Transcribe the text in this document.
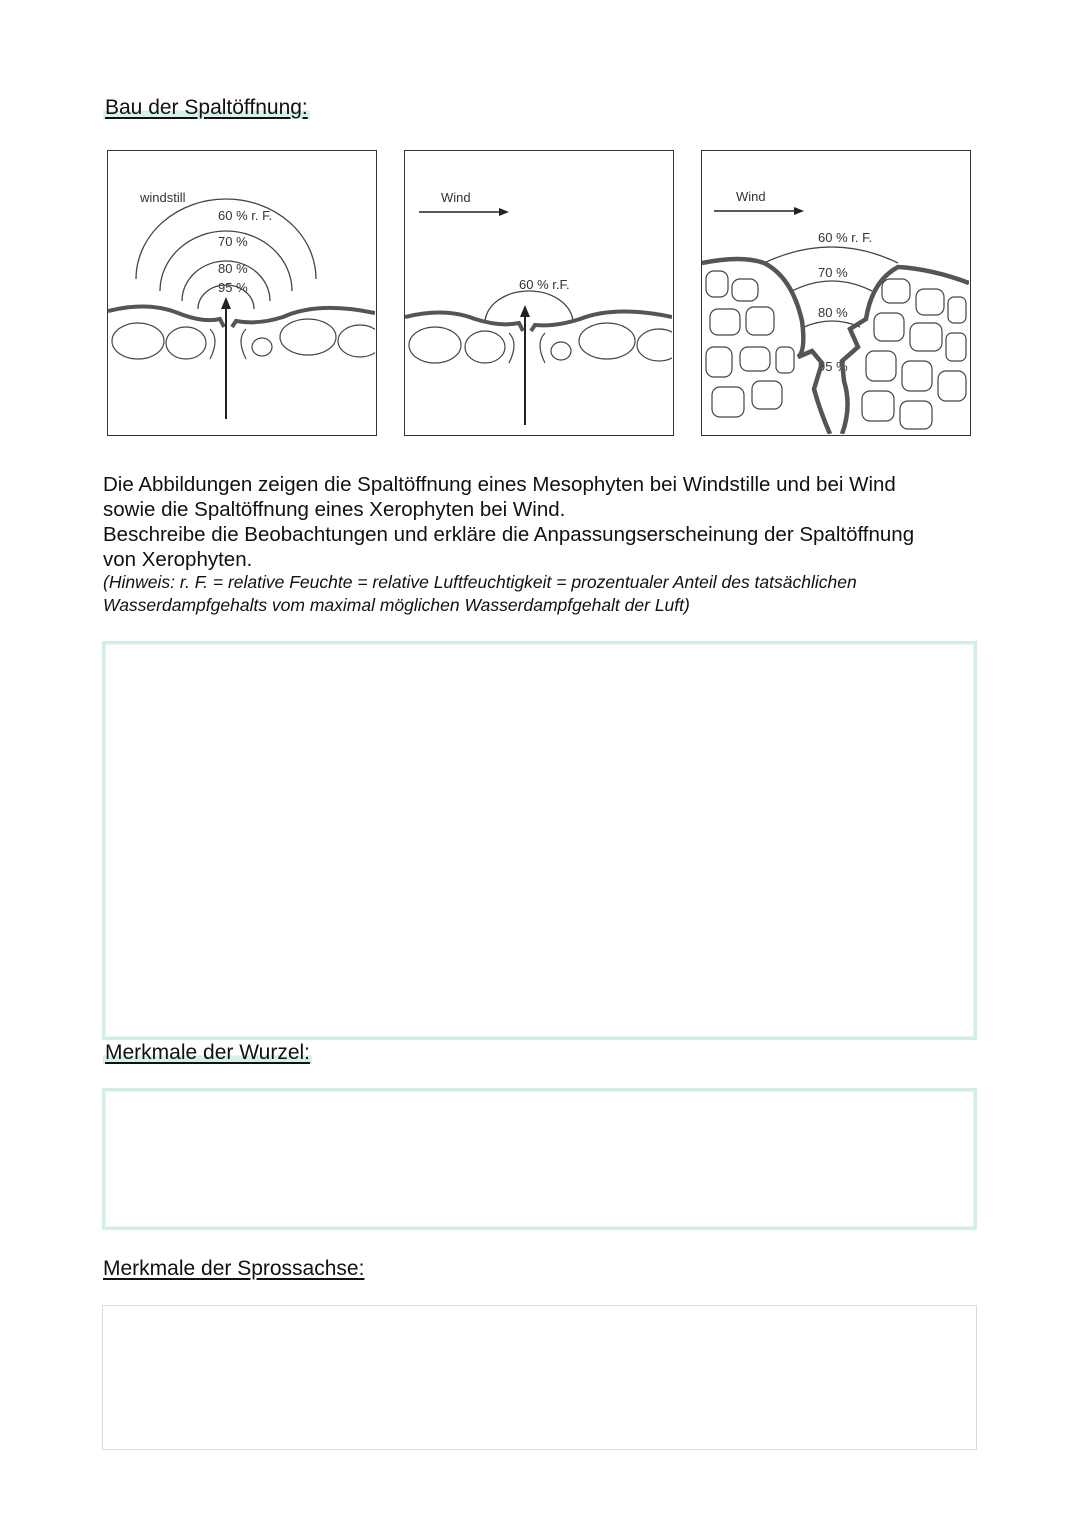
Bau der Spaltöffnung:
windstill
60 % r. F.
70 %
80 %
95 %
Wind
60 % r.F.
Wind
60 % r. F.
70 %
80 %
95 %
Die Abbildungen zeigen die Spaltöffnung eines Mesophyten bei Windstille und bei Wind
sowie die Spaltöffnung eines Xerophyten bei Wind.
Beschreibe die Beobachtungen und erkläre die Anpassungserscheinung der Spaltöffnung
von Xerophyten.
(Hinweis: r. F. = relative Feuchte = relative Luftfeuchtigkeit = prozentualer Anteil des tatsächlichen
Wasserdampfgehalts vom maximal möglichen Wasserdampfgehalt der Luft)
Merkmale der Wurzel:
Merkmale der Sprossachse:
